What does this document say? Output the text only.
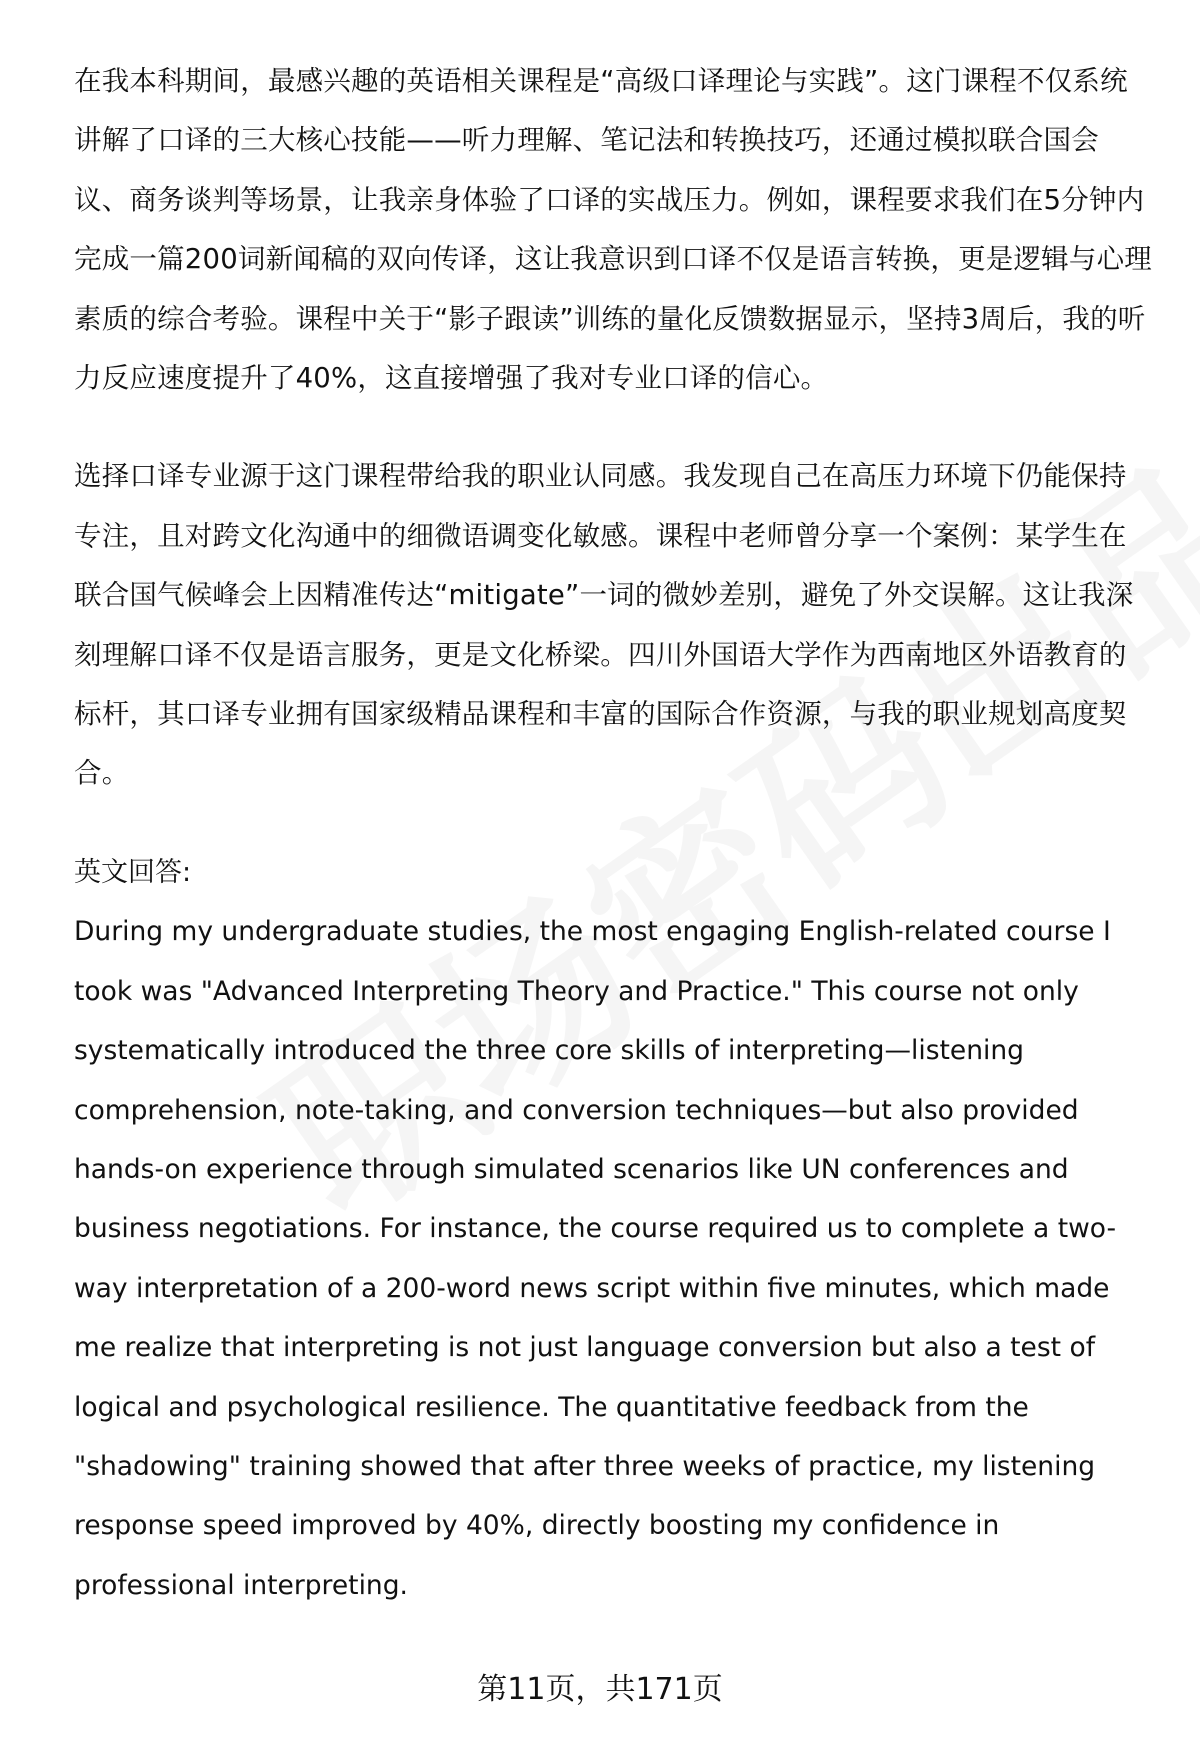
在我本科期间，最感兴趣的英语相关课程是“高级口译理论与实践”。这门课程不仅系统讲解了口译的三大核心技能——听力理解、笔记法和转换技巧，还通过模拟联合国会议、商务谈判等场景，让我亲身体验了口译的实战压力。例如，课程要求我们在5分钟内完成一篇200词新闻稿的双向传译，这让我意识到口译不仅是语言转换，更是逻辑与心理素质的综合考验。课程中关于“影子跟读”训练的量化反馈数据显示，坚持3周后，我的听力反应速度提升了40%，这直接增强了我对专业口译的信心。

选择口译专业源于这门课程带给我的职业认同感。我发现自己在高压力环境下仍能保持专注，且对跨文化沟通中的细微语调变化敏感。课程中老师曾分享一个案例：某学生在联合国气候峰会上因精准传达“mitigate”一词的微妙差别，避免了外交误解。这让我深刻理解口译不仅是语言服务，更是文化桥梁。四川外国语大学作为西南地区外语教育的标杆，其口译专业拥有国家级精品课程和丰富的国际合作资源，与我的职业规划高度契合。

英文回答:

During my undergraduate studies, the most engaging English-related course I took was "Advanced Interpreting Theory and Practice." This course not only systematically introduced the three core skills of interpreting—listening comprehension, note-taking, and conversion techniques—but also provided hands-on experience through simulated scenarios like UN conferences and business negotiations. For instance, the course required us to complete a two-way interpretation of a 200-word news script within five minutes, which made me realize that interpreting is not just language conversion but also a test of logical and psychological resilience. The quantitative feedback from the "shadowing" training showed that after three weeks of practice, my listening response speed improved by 40%, directly boosting my confidence in professional interpreting.

第11页，共171页
